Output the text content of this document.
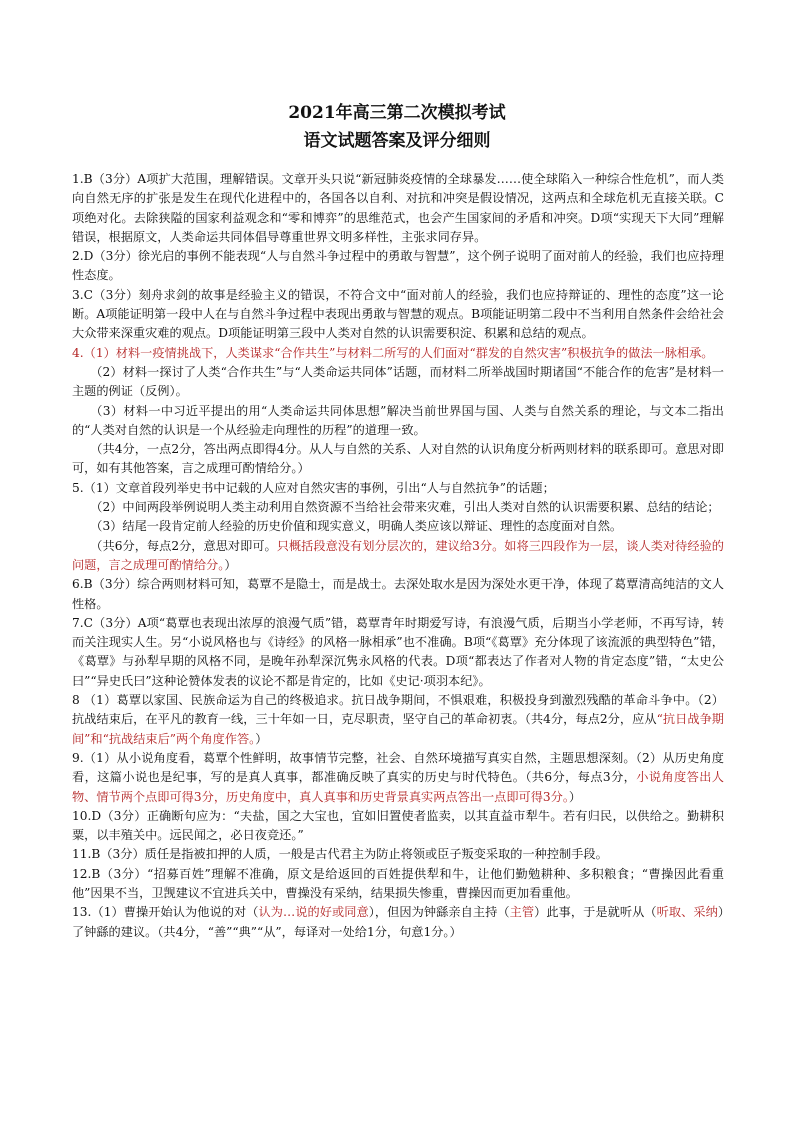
2021年高三第二次模拟考试

语文试题答案及评分细则

1.B（3分）A项扩大范围，理解错误。文章开头只说“新冠肺炎疫情的全球暴发……使全球陷入一种综合性危机”，而人类向自然无序的扩张是发生在现代化进程中的，各国各以自利、对抗和冲突是假设情况，这两点和全球危机无直接关联。C项绝对化。去除狭隘的国家利益观念和“零和博弈”的思维范式，也会产生国家间的矛盾和冲突。D项“实现天下大同”理解错误，根据原文，人类命运共同体倡导尊重世界文明多样性，主张求同存异。

2.D（3分）徐光启的事例不能表现“人与自然斗争过程中的勇敢与智慧”，这个例子说明了面对前人的经验，我们也应持理性态度。

3.C（3分）刻舟求剑的故事是经验主义的错误，不符合文中“面对前人的经验，我们也应持辩证的、理性的态度”这一论断。A项能证明第一段中人在与自然斗争过程中表现出勇敢与智慧的观点。B项能证明第二段中不当利用自然条件会给社会大众带来深重灾难的观点。D项能证明第三段中人类对自然的认识需要积淀、积累和总结的观点。

4.（1）材料一疫情挑战下，人类谋求“合作共生”与材料二所写的人们面对“群发的自然灾害”积极抗争的做法一脉相承。

（2）材料一探讨了人类“合作共生”与“人类命运共同体”话题，而材料二所举战国时期诸国“不能合作的危害”是材料一主题的例证（反例）。

（3）材料一中习近平提出的用“人类命运共同体思想”解决当前世界国与国、人类与自然关系的理论，与文本二指出的“人类对自然的认识是一个从经验走向理性的历程”的道理一致。

（共4分，一点2分，答出两点即得4分。从人与自然的关系、人对自然的认识角度分析两则材料的联系即可。意思对即可，如有其他答案，言之成理可酌情给分。）

5.（1）文章首段列举史书中记载的人应对自然灾害的事例，引出“人与自然抗争”的话题；

（2）中间两段举例说明人类主动利用自然资源不当给社会带来灾难，引出人类对自然的认识需要积累、总结的结论；

（3）结尾一段肯定前人经验的历史价值和现实意义，明确人类应该以辩证、理性的态度面对自然。

（共6分，每点2分，意思对即可。只概括段意没有划分层次的，建议给3分。如将三四段作为一层，谈人类对待经验的问题，言之成理可酌情给分。）

6.B（3分）综合两则材料可知，葛覃不是隐士，而是战士。去深处取水是因为深处水更干净，体现了葛覃清高纯洁的文人性格。

7.C（3分）A项“葛覃也表现出浓厚的浪漫气质”错，葛覃青年时期爱写诗，有浪漫气质，后期当小学老师，不再写诗，转而关注现实人生。另“小说风格也与《诗经》的风格一脉相承”也不准确。B项“《葛覃》充分体现了该流派的典型特色”错，《葛覃》与孙犁早期的风格不同，是晚年孙犁深沉隽永风格的代表。D项“都表达了作者对人物的肯定态度”错，“太史公曰”“异史氏曰”这种论赞体发表的议论不都是肯定的，比如《史记·项羽本纪》。

8 （1）葛覃以家国、民族命运为自己的终极追求。抗日战争期间，不惧艰难，积极投身到激烈残酷的革命斗争中。（2）抗战结束后，在平凡的教育一线，三十年如一日，克尽职责，坚守自己的革命初衷。（共4分，每点2分，应从“抗日战争期间”和“抗战结束后”两个角度作答。）

9.（1）从小说角度看，葛覃个性鲜明，故事情节完整，社会、自然环境描写真实自然，主题思想深刻。（2）从历史角度看，这篇小说也是纪事，写的是真人真事，都准确反映了真实的历史与时代特色。（共6分，每点3分，小说角度答出人物、情节两个点即可得3分，历史角度中，真人真事和历史背景真实两点答出一点即可得3分。）

10.D（3分）正确断句应为：“夫盐，国之大宝也，宜如旧置使者监卖，以其直益市犁牛。若有归民，以供给之。勤耕积粟，以丰殖关中。远民闻之，必日夜竞还。”

11.B（3分）质任是指被扣押的人质，一般是古代君主为防止将领或臣子叛变采取的一种控制手段。

12.B（3分）“招募百姓”理解不准确，原文是给返回的百姓提供犁和牛，让他们勤勉耕种、多积粮食；“曹操因此看重他”因果不当，卫觊建议不宜进兵关中，曹操没有采纳，结果损失惨重，曹操因而更加看重他。

13.（1）曹操开始认为他说的对（认为…说的好或同意），但因为钟繇亲自主持（主管）此事，于是就听从（听取、采纳）了钟繇的建议。（共4分，“善”“典”“从”，每译对一处给1分，句意1分。）
